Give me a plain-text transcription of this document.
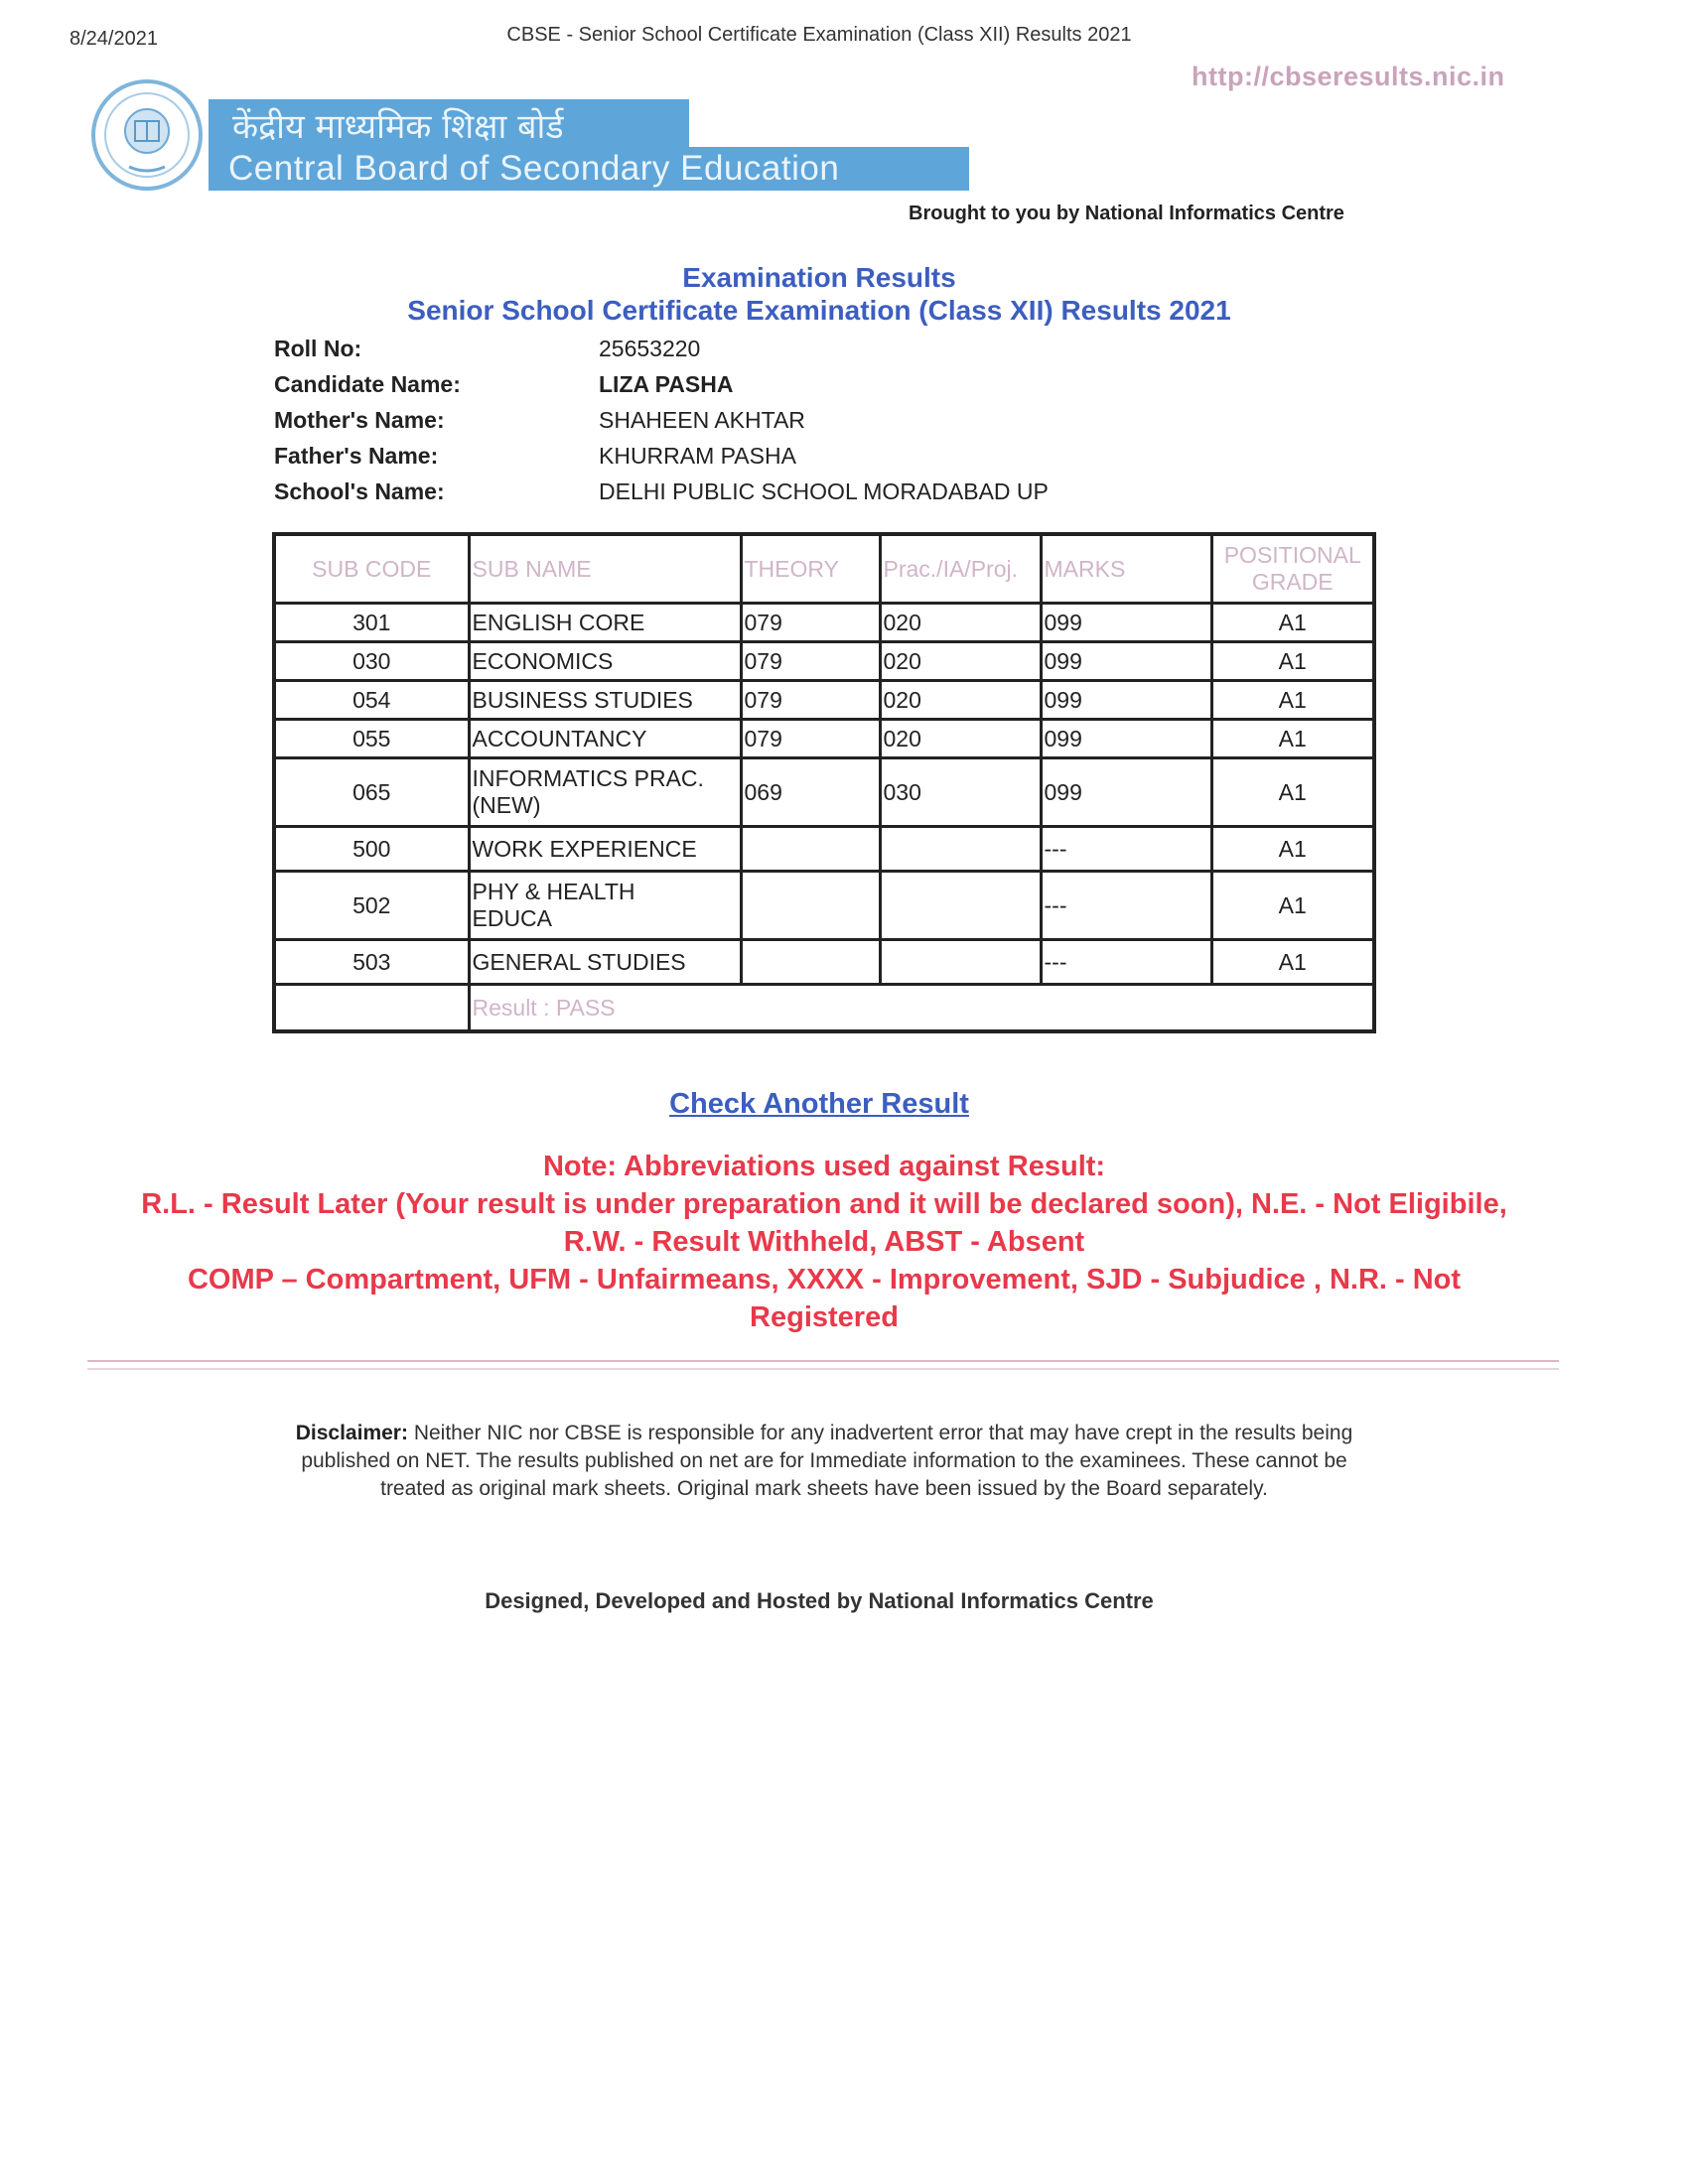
8/24/2021	CBSE - Senior School Certificate Examination (Class XII) Results 2021
http://cbseresults.nic.in
केंद्रीय माध्यमिक शिक्षा बोर्ड
Central Board of Secondary Education
Brought to you by National Informatics Centre
Examination Results
Senior School Certificate Examination (Class XII) Results 2021
Roll No:	25653220
Candidate Name:	LIZA PASHA
Mother's Name:	SHAHEEN AKHTAR
Father's Name:	KHURRAM PASHA
School's Name:	DELHI PUBLIC SCHOOL MORADABAD UP
SUB CODE	SUB NAME	THEORY	Prac./IA/Proj.	MARKS	POSITIONAL
GRADE

301	ENGLISH CORE	079	020	099	A1
030	ECONOMICS	079	020	099	A1
054	BUSINESS STUDIES	079	020	099	A1
055	ACCOUNTANCY	079	020	099	A1
065	INFORMATICS PRAC.
(NEW)	069	030	099	A1
500	WORK EXPERIENCE			---	A1
502	PHY & HEALTH
EDUCA			---	A1
503	GENERAL STUDIES			---	A1
	Result : PASS				
Check Another Result
Note: Abbreviations used against Result:
R.L. - Result Later (Your result is under preparation and it will be declared soon), N.E. - Not Eligibile,
R.W. - Result Withheld, ABST - Absent
COMP – Compartment, UFM - Unfairmeans, XXXX - Improvement, SJD - Subjudice , N.R. - Not
Registered
Disclaimer: Neither NIC nor CBSE is responsible for any inadvertent error that may have crept in the results being published on NET. The results published on net are for Immediate information to the examinees. These cannot be treated as original mark sheets. Original mark sheets have been issued by the Board separately.
Designed, Developed and Hosted by National Informatics Centre
